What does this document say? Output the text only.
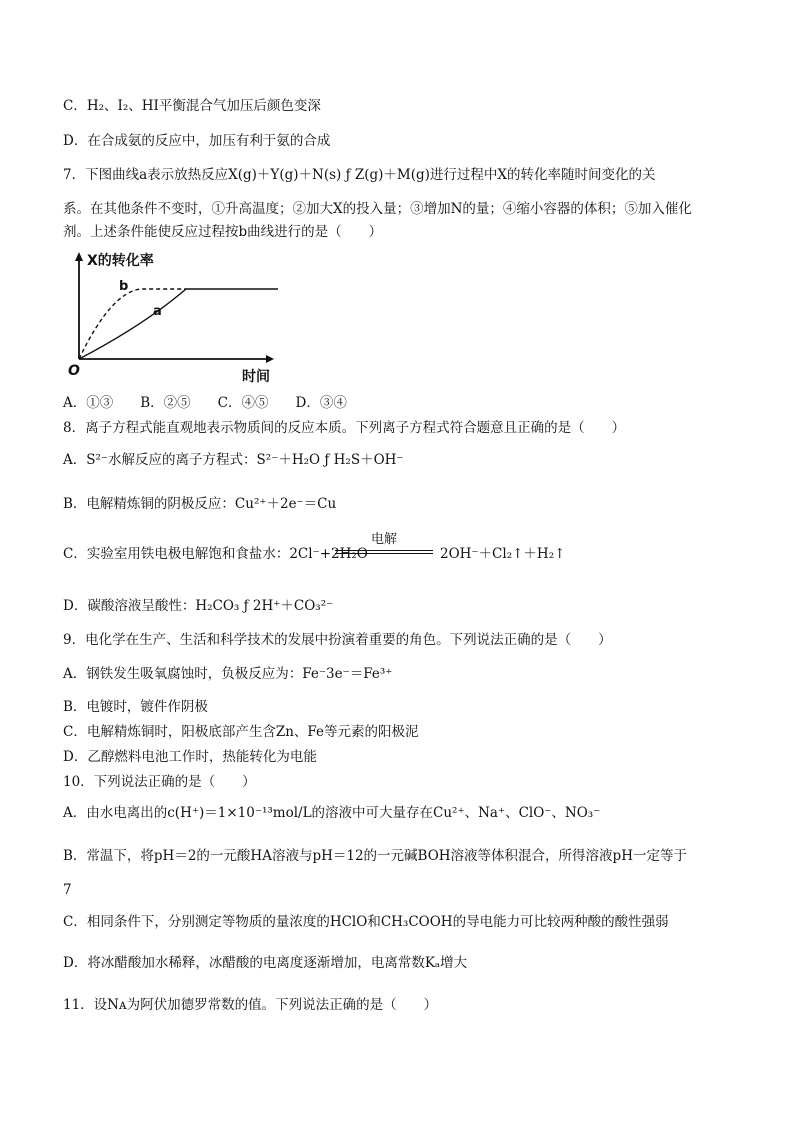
C．H₂、I₂、HI平衡混合气加压后颜色变深
D．在合成氨的反应中，加压有利于氨的合成
7．下图曲线a表示放热反应X(g)＋Y(g)＋N(s) ƒ Z(g)＋M(g)进行过程中X的转化率随时间变化的关
系。在其他条件不变时，①升高温度；②加大X的投入量；③增加N的量；④缩小容器的体积；⑤加入催化
剂。上述条件能使反应过程按b曲线进行的是（　　）
X的转化率
时间
O
b
a
A．①③　　B．②⑤　　C．④⑤　　D．③④
8．离子方程式能直观地表示物质间的反应本质。下列离子方程式符合题意且正确的是（　　）
A．S²⁻水解反应的离子方程式：S²⁻＋H₂O ƒ H₂S＋OH⁻
B．电解精炼铜的阴极反应：Cu²⁺＋2e⁻＝Cu
C．实验室用铁电极电解饱和食盐水：2Cl⁻+2H₂O
电解
2OH⁻＋Cl₂↑＋H₂↑
D．碳酸溶液呈酸性：H₂CO₃ ƒ 2H⁺＋CO₃²⁻
9．电化学在生产、生活和科学技术的发展中扮演着重要的角色。下列说法正确的是（　　）
A．钢铁发生吸氧腐蚀时，负极反应为：Fe⁻3e⁻＝Fe³⁺
B．电镀时，镀件作阴极
C．电解精炼铜时，阳极底部产生含Zn、Fe等元素的阳极泥
D．乙醇燃料电池工作时，热能转化为电能
10．下列说法正确的是（　　）
A．由水电离出的c(H⁺)＝1×10⁻¹³mol/L的溶液中可大量存在Cu²⁺、Na⁺、ClO⁻、NO₃⁻
B．常温下，将pH＝2的一元酸HA溶液与pH＝12的一元碱BOH溶液等体积混合，所得溶液pH一定等于
7
C．相同条件下，分别测定等物质的量浓度的HClO和CH₃COOH的导电能力可比较两种酸的酸性强弱
D．将冰醋酸加水稀释，冰醋酸的电离度逐渐增加，电离常数Kₐ增大
11．设Nᴀ为阿伏加德罗常数的值。下列说法正确的是（　　）
